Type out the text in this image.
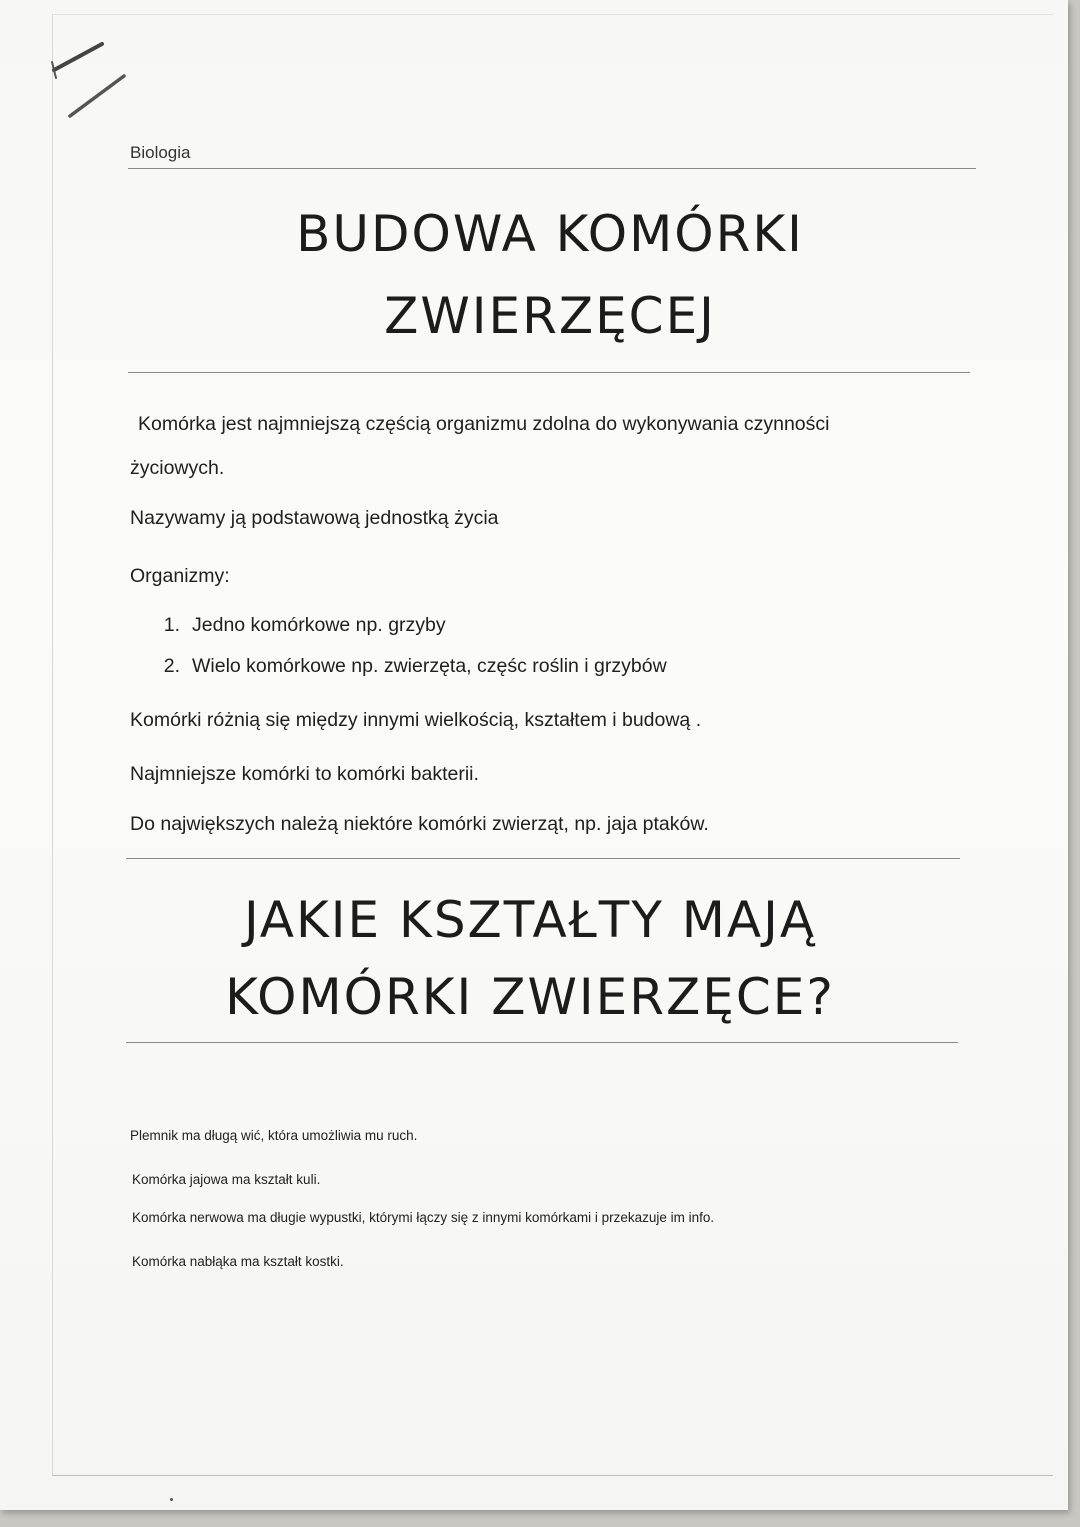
Biologia
BUDOWA KOMÓRKI
ZWIERZĘCEJ
Komórka jest najmniejszą częścią organizmu zdolna do wykonywania czynności
życiowych.
Nazywamy ją podstawową jednostką życia
Organizmy:
1. Jedno komórkowe np. grzyby
2. Wielo komórkowe np. zwierzęta, częśc roślin i grzybów
Komórki różnią się między innymi wielkością, kształtem i budową .
Najmniejsze komórki to komórki bakterii.
Do największych należą niektóre komórki zwierząt, np. jaja ptaków.
JAKIE KSZTAŁTY MAJĄ
KOMÓRKI ZWIERZĘCE?
Plemnik ma długą wić, która umożliwia mu ruch.
Komórka jajowa ma kształt kuli.
Komórka nerwowa ma długie wypustki, którymi łączy się z innymi komórkami i przekazuje im info.
Komórka nabłąka ma kształt kostki.
